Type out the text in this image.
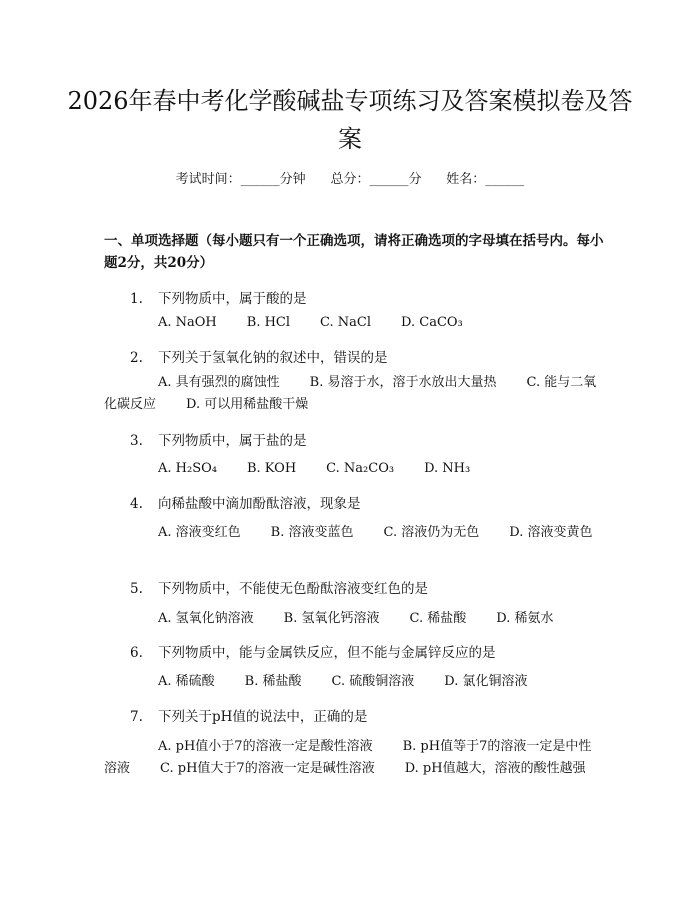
2026年春中考化学酸碱盐专项练习及答案模拟卷及答案
考试时间：______分钟 总分：______分 姓名：______
一、单项选择题（每小题只有一个正确选项，请将正确选项的字母填在括号内。每小题2分，共20分）
1. 下列物质中，属于酸的是
A. NaOH B. HCl C. NaCl D. CaCO₃
2. 下列关于氢氧化钠的叙述中，错误的是
A. 具有强烈的腐蚀性 B. 易溶于水，溶于水放出大量热 C. 能与二氧化碳反应 D. 可以用稀盐酸干燥
3. 下列物质中，属于盐的是
A. H₂SO₄ B. KOH C. Na₂CO₃ D. NH₃
4. 向稀盐酸中滴加酚酞溶液，现象是
A. 溶液变红色 B. 溶液变蓝色 C. 溶液仍为无色 D. 溶液变黄色
5. 下列物质中，不能使无色酚酞溶液变红色的是
A. 氢氧化钠溶液 B. 氢氧化钙溶液 C. 稀盐酸 D. 稀氨水
6. 下列物质中，能与金属铁反应，但不能与金属锌反应的是
A. 稀硫酸 B. 稀盐酸 C. 硫酸铜溶液 D. 氯化铜溶液
7. 下列关于pH值的说法中，正确的是
A. pH值小于7的溶液一定是酸性溶液 B. pH值等于7的溶液一定是中性溶液 C. pH值大于7的溶液一定是碱性溶液 D. pH值越大，溶液的酸性越强
